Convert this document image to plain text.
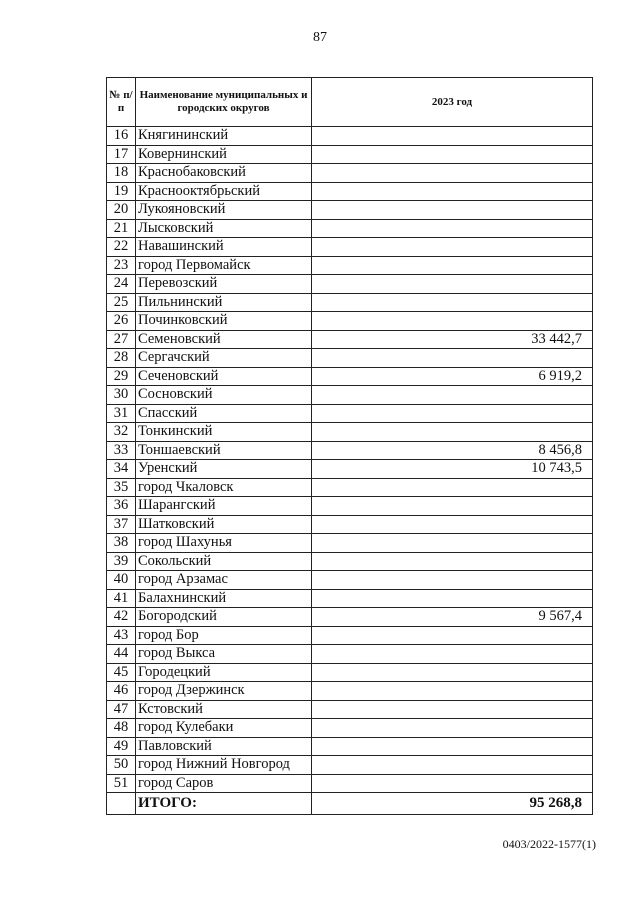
87
№ п/п	Наименование муниципальных и городских округов	2023 год
16	Княгининский	
17	Ковернинский	
18	Краснобаковский	
19	Краснооктябрьский	
20	Лукояновский	
21	Лысковский	
22	Навашинский	
23	город Первомайск	
24	Перевозский	
25	Пильнинский	
26	Починковский	
27	Семеновский	33 442,7
28	Сергачский	
29	Сеченовский	6 919,2
30	Сосновский	
31	Спасский	
32	Тонкинский	
33	Тоншаевский	8 456,8
34	Уренский	10 743,5
35	город Чкаловск	
36	Шарангский	
37	Шатковский	
38	город Шахунья	
39	Сокольский	
40	город Арзамас	
41	Балахнинский	
42	Богородский	9 567,4
43	город Бор	
44	город Выкса	
45	Городецкий	
46	город Дзержинск	
47	Кстовский	
48	город Кулебаки	
49	Павловский	
50	город Нижний Новгород	
51	город Саров	
	ИТОГО:	95 268,8
0403/2022-1577(1)
